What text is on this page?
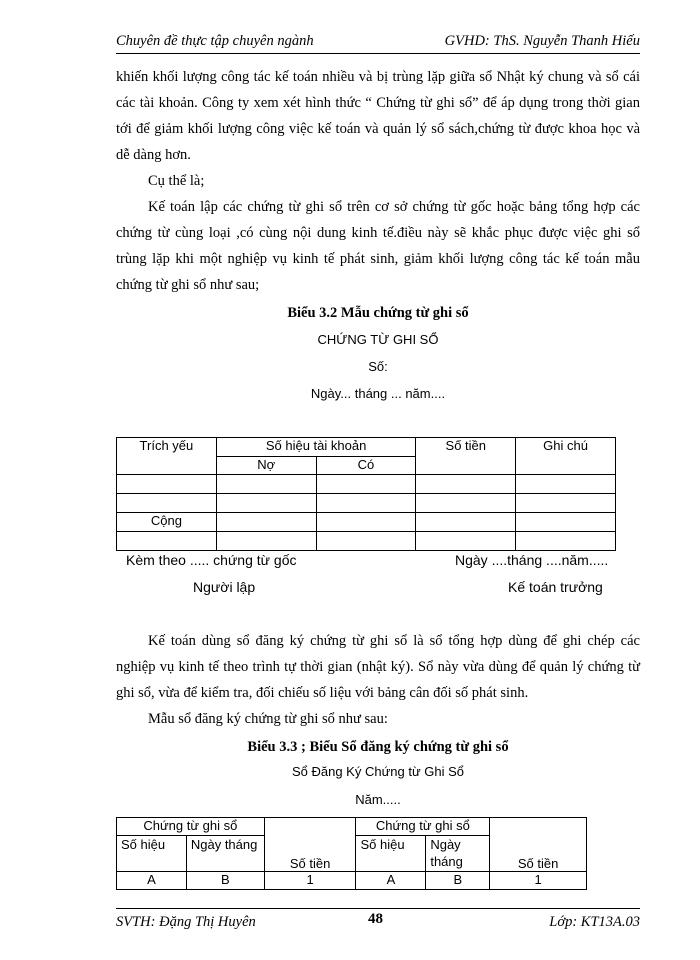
Chuyên đề thực tập chuyên ngành	GVHD: ThS. Nguyễn Thanh Hiếu

khiến khối lượng công tác kế toán nhiều và bị trùng lặp giữa sổ Nhật ký chung và sổ cái các tài khoản. Công ty xem xét hình thức “ Chứng từ ghi sổ” để áp dụng trong thời gian tới để giảm khối lượng công việc kế toán và quản lý sổ sách,chứng từ được khoa học và dễ dàng hơn.

Cụ thể là;

Kế toán lập các chứng từ ghi sổ trên cơ sở chứng từ gốc hoặc bảng tổng hợp các chứng từ cùng loại ,có cùng nội dung kinh tế.điều này sẽ khắc phục được việc ghi sổ trùng lặp khi một nghiệp vụ kinh tế phát sinh, giảm khối lượng công tác kế toán mẫu chứng từ ghi sổ như sau;

Biểu 3.2 Mẫu chứng từ ghi sổ
CHỨNG TỪ GHI SỔ
Số:
Ngày... tháng ... năm....
Trích yếu	Số hiệu tài khoản		Số tiền	Ghi chú
	Nợ	Có		

Cộng				

Kèm theo ..... chứng từ gốc	Ngày ....tháng ....năm.....
Người lập	Kế toán trưởng

Kế toán dùng sổ đăng ký chứng từ ghi sổ là sổ tổng hợp dùng để ghi chép các nghiệp vụ kinh tế theo trình tự thời gian (nhật ký). Sổ này vừa dùng để quản lý chứng từ ghi sổ, vừa để kiểm tra, đối chiếu số liệu với bảng cân đối số phát sinh.

Mẫu sổ đăng ký chứng từ ghi sổ như sau:

Biểu 3.3 ; Biểu Sổ đăng ký chứng từ ghi sổ
Sổ Đăng Ký Chứng từ Ghi Sổ
Năm.....
Chứng từ ghi sổ		Số tiền	Chứng từ ghi sổ		Số tiền
Số hiệu	Ngày tháng		Số hiệu	Ngày tháng	
A	B	1	A	B	1
SVTH: Đặng Thị Huyên	48	Lớp: KT13A.03
